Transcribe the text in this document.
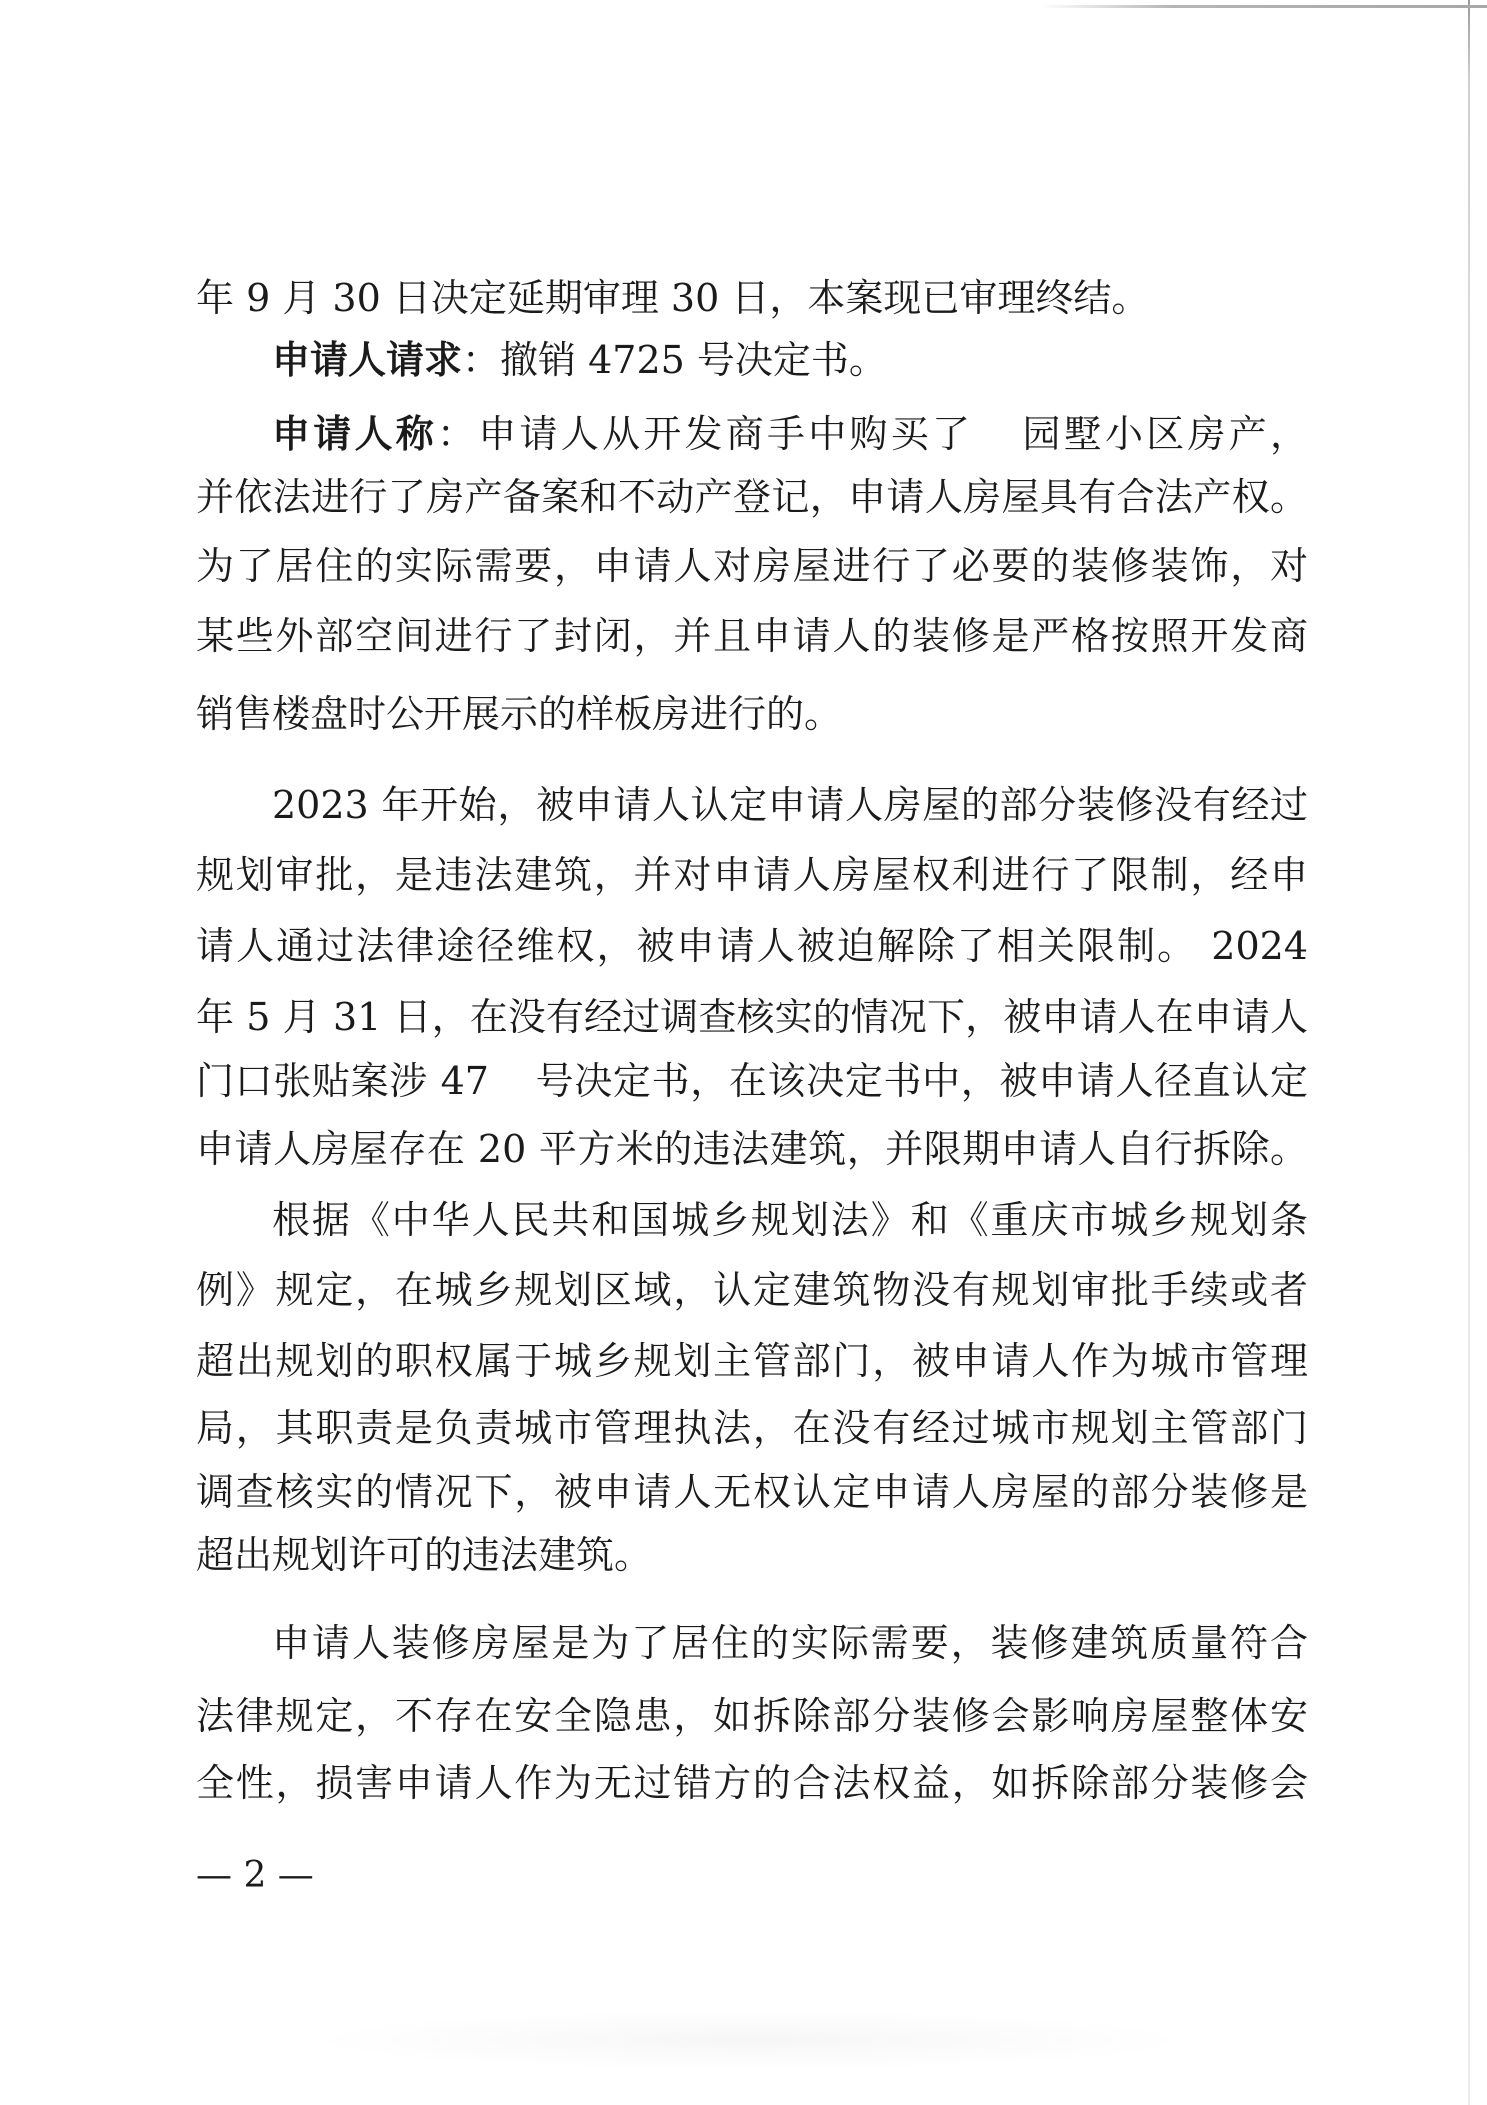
年 9 月 30 日决定延期审理 30 日，本案现已审理终结。
申请人请求：撤销 4725 号决定书。
申请人称：申请人从开发商手中购买了 园墅小区房产，
并依法进行了房产备案和不动产登记，申请人房屋具有合法产权。
为了居住的实际需要，申请人对房屋进行了必要的装修装饰，对
某些外部空间进行了封闭，并且申请人的装修是严格按照开发商
销售楼盘时公开展示的样板房进行的。
2023 年开始，被申请人认定申请人房屋的部分装修没有经过
规划审批，是违法建筑，并对申请人房屋权利进行了限制，经申
请人通过法律途径维权，被申请人被迫解除了相关限制。 2024
年 5 月 31 日，在没有经过调查核实的情况下，被申请人在申请人
门口张贴案涉 47 号决定书，在该决定书中，被申请人径直认定
申请人房屋存在 20 平方米的违法建筑，并限期申请人自行拆除。
根据《中华人民共和国城乡规划法》和《重庆市城乡规划条
例》规定，在城乡规划区域，认定建筑物没有规划审批手续或者
超出规划的职权属于城乡规划主管部门，被申请人作为城市管理
局，其职责是负责城市管理执法，在没有经过城市规划主管部门
调查核实的情况下，被申请人无权认定申请人房屋的部分装修是
超出规划许可的违法建筑。
申请人装修房屋是为了居住的实际需要，装修建筑质量符合
法律规定，不存在安全隐患，如拆除部分装修会影响房屋整体安
全性，损害申请人作为无过错方的合法权益，如拆除部分装修会
— 2 —
